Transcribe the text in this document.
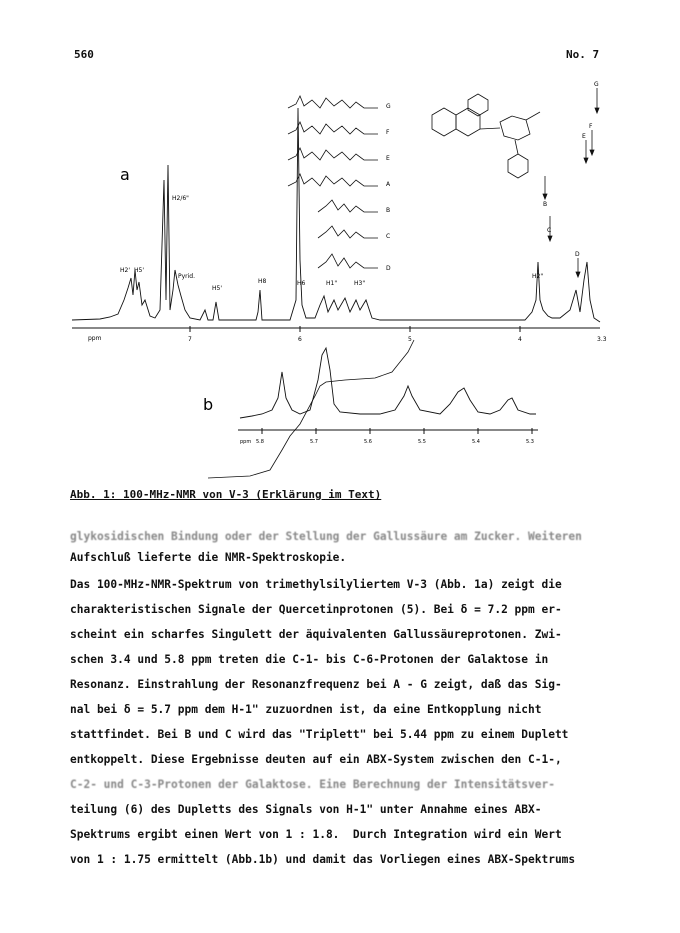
560	No. 7
a
b
ppm	7	6	5	4	3.3
H2' H5'
H2/6"
Pyrid.
H5'
H8	H6	H1"	H3"
H2"
G
F
E
A
B
C
D
G
F
E
B
C
D
ppm 5.8	5.7	5.6	5.5	5.4	5.3
Abb. 1: 100-MHz-NMR von V-3 (Erklärung im Text)
glykosidischen Bindung oder der Stellung der Gallussäure am Zucker. Weiteren
Aufschluß lieferte die NMR-Spektroskopie.
Das 100-MHz-NMR-Spektrum von trimethylsilyliertem V-3 (Abb. 1a) zeigt die
charakteristischen Signale der Quercetinprotonen (5). Bei δ = 7.2 ppm er-
scheint ein scharfes Singulett der äquivalenten Gallussäureprotonen. Zwi-
schen 3.4 und 5.8 ppm treten die C-1- bis C-6-Protonen der Galaktose in
Resonanz. Einstrahlung der Resonanzfrequenz bei A - G zeigt, daß das Sig-
nal bei δ = 5.7 ppm dem H-1" zuzuordnen ist, da eine Entkopplung nicht
stattfindet. Bei B und C wird das "Triplett" bei 5.44 ppm zu einem Duplett
entkoppelt. Diese Ergebnisse deuten auf ein ABX-System zwischen den C-1-,
C-2- und C-3-Protonen der Galaktose. Eine Berechnung der Intensitätsver-
teilung (6) des Dupletts des Signals von H-1" unter Annahme eines ABX-
Spektrums ergibt einen Wert von 1 : 1.8.  Durch Integration wird ein Wert
von 1 : 1.75 ermittelt (Abb.1b) und damit das Vorliegen eines ABX-Spektrums
